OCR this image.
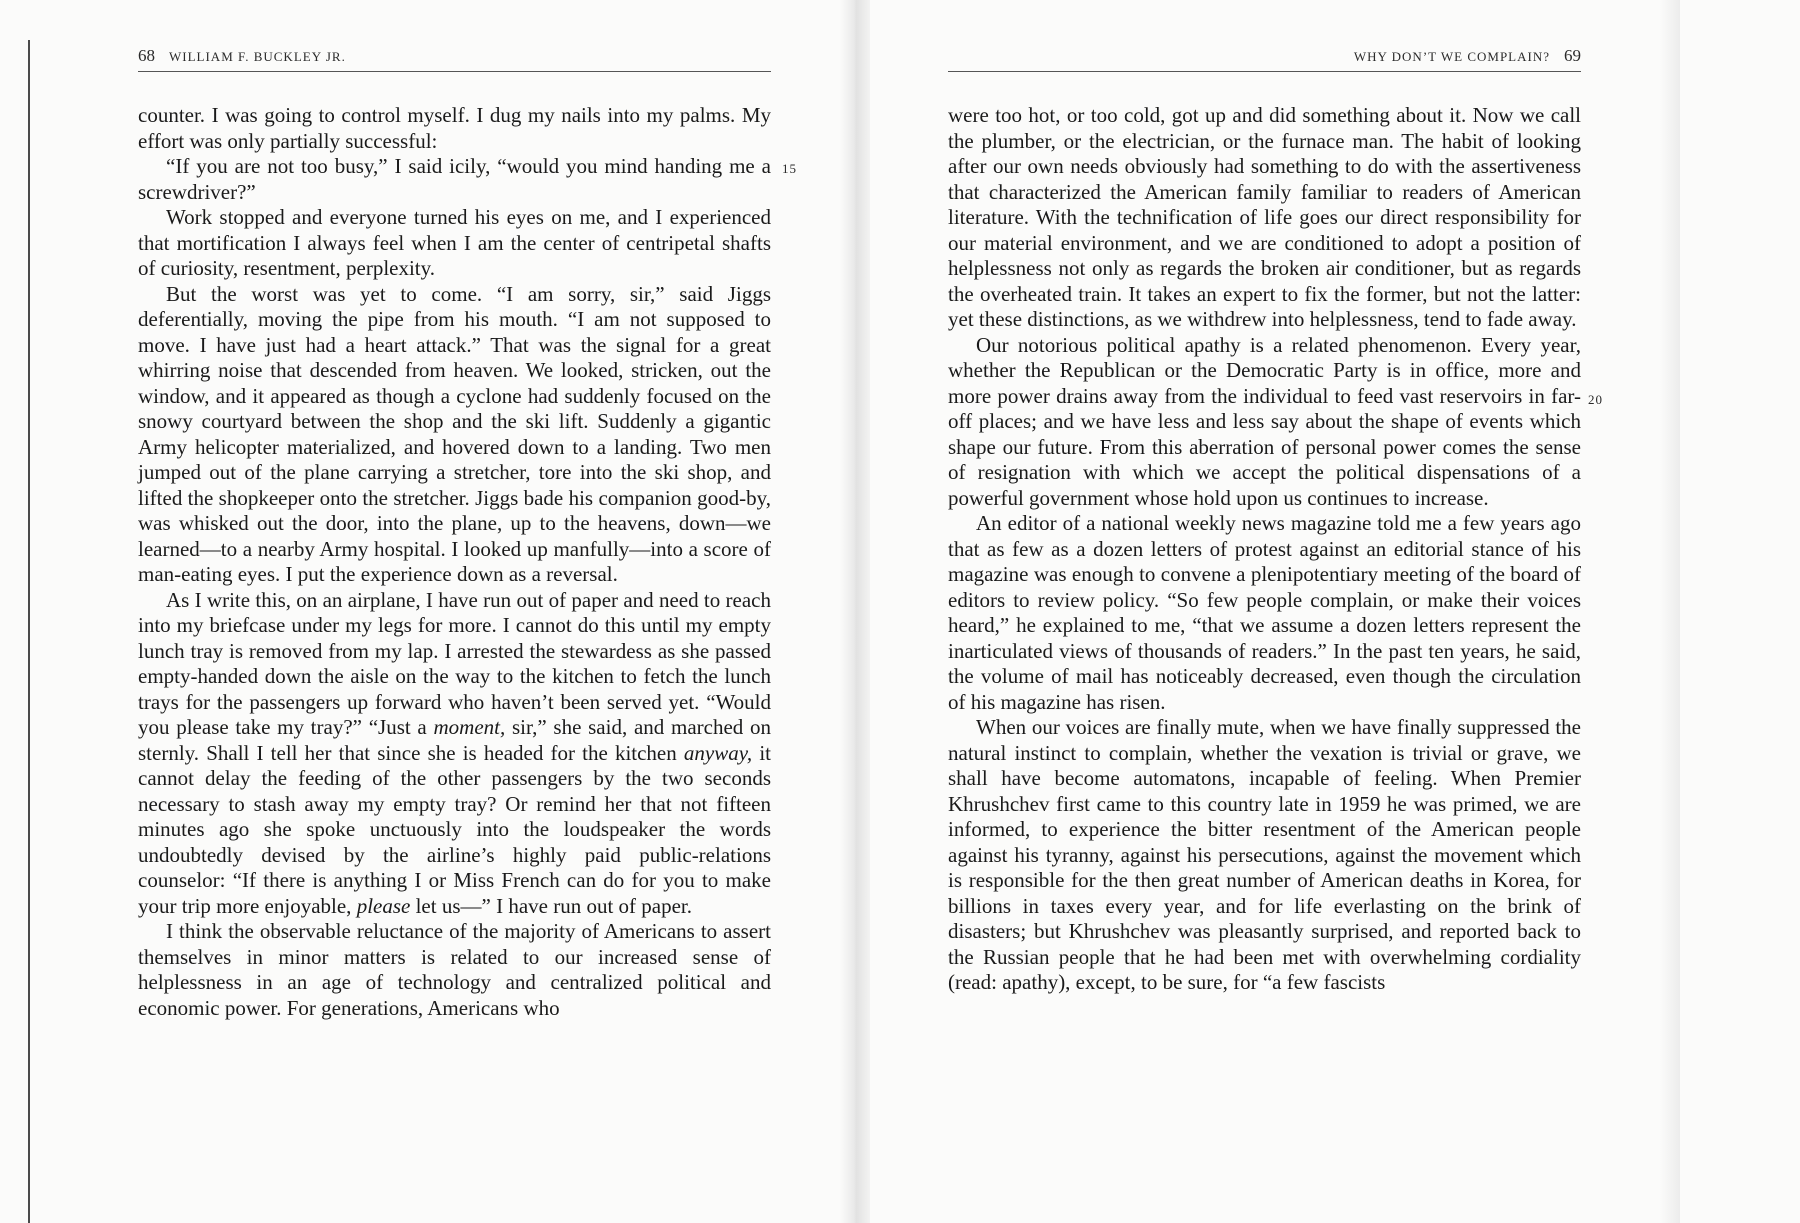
68 WILLIAM F. BUCKLEY JR.

counter. I was going to control myself. I dug my nails into my palms. My effort was only partially successful:

“If you are not too busy,” I said icily, “would you mind handing me a screwdriver?”

Work stopped and everyone turned his eyes on me, and I experienced that mortification I always feel when I am the center of centripetal shafts of curiosity, resentment, perplexity.

But the worst was yet to come. “I am sorry, sir,” said Jiggs deferentially, moving the pipe from his mouth. “I am not supposed to move. I have just had a heart attack.” That was the signal for a great whirring noise that descended from heaven. We looked, stricken, out the window, and it appeared as though a cyclone had suddenly focused on the snowy courtyard between the shop and the ski lift. Suddenly a gigantic Army helicopter materialized, and hovered down to a landing. Two men jumped out of the plane carrying a stretcher, tore into the ski shop, and lifted the shopkeeper onto the stretcher. Jiggs bade his companion good-by, was whisked out the door, into the plane, up to the heavens, down—we learned—to a nearby Army hospital. I looked up manfully—into a score of man-eating eyes. I put the experience down as a reversal.

As I write this, on an airplane, I have run out of paper and need to reach into my briefcase under my legs for more. I cannot do this until my empty lunch tray is removed from my lap. I arrested the stewardess as she passed empty-handed down the aisle on the way to the kitchen to fetch the lunch trays for the passengers up forward who haven’t been served yet. “Would you please take my tray?” “Just a moment, sir,” she said, and marched on sternly. Shall I tell her that since she is headed for the kitchen anyway, it cannot delay the feeding of the other passengers by the two seconds necessary to stash away my empty tray? Or remind her that not fifteen minutes ago she spoke unctuously into the loudspeaker the words undoubtedly devised by the airline’s highly paid public-relations counselor: “If there is anything I or Miss French can do for you to make your trip more enjoyable, please let us—” I have run out of paper.

I think the observable reluctance of the majority of Americans to assert themselves in minor matters is related to our increased sense of helplessness in an age of technology and centralized political and economic power. For generations, Americans who

15
WHY DON’T WE COMPLAIN? 69

were too hot, or too cold, got up and did something about it. Now we call the plumber, or the electrician, or the furnace man. The habit of looking after our own needs obviously had something to do with the assertiveness that characterized the American family familiar to readers of American literature. With the technification of life goes our direct responsibility for our material environment, and we are conditioned to adopt a position of helplessness not only as regards the broken air conditioner, but as regards the overheated train. It takes an expert to fix the former, but not the latter: yet these distinctions, as we withdrew into helplessness, tend to fade away.

Our notorious political apathy is a related phenomenon. Every year, whether the Republican or the Democratic Party is in office, more and more power drains away from the individual to feed vast reservoirs in far-off places; and we have less and less say about the shape of events which shape our future. From this aberration of personal power comes the sense of resignation with which we accept the political dispensations of a powerful government whose hold upon us continues to increase.

An editor of a national weekly news magazine told me a few years ago that as few as a dozen letters of protest against an editorial stance of his magazine was enough to convene a plenipotentiary meeting of the board of editors to review policy. “So few people complain, or make their voices heard,” he explained to me, “that we assume a dozen letters represent the inarticulated views of thousands of readers.” In the past ten years, he said, the volume of mail has noticeably decreased, even though the circulation of his magazine has risen.

When our voices are finally mute, when we have finally suppressed the natural instinct to complain, whether the vexation is trivial or grave, we shall have become automatons, incapable of feeling. When Premier Khrushchev first came to this country late in 1959 he was primed, we are informed, to experience the bitter resentment of the American people against his tyranny, against his persecutions, against the movement which is responsible for the then great number of American deaths in Korea, for billions in taxes every year, and for life everlasting on the brink of disasters; but Khrushchev was pleasantly surprised, and reported back to the Russian people that he had been met with overwhelming cordiality (read: apathy), except, to be sure, for “a few fascists

20
